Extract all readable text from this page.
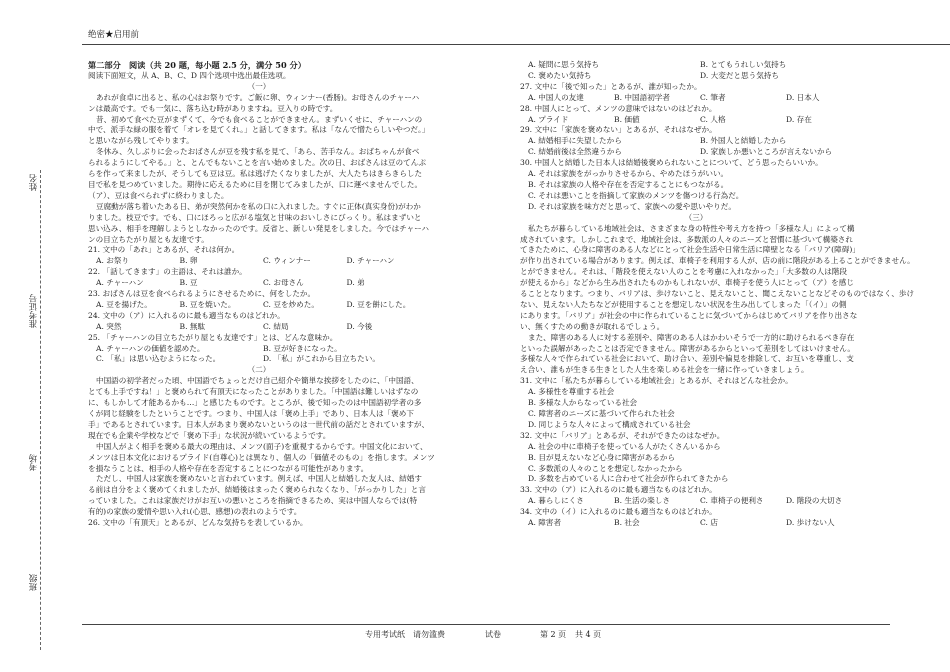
绝密★启用前
姓名
准考证号
考场
班级
第二部分　阅读（共 20 题，每小题 2.5 分，满分 50 分）
阅读下面短文，从 A、B、C、D 四个选项中选出最佳选项。
（一）
あれが食卓に出ると、私の心はお祭りです。ご飯に卵、ウィンナー(香肠)。お母さんのチャーハ
ンは最高です。でも一気に、落ち込む時がありますね。豆入りの時です。
昔、初めて食べた豆がまずくて、今でも食べることができません。まずいくせに、チャーハンの
中で、派手な緑の服を着て「オレを見てくれ。」と話してきます。私は「なんで憎たらしいやつだ。」
と思いながら残してやります。
冬休み、久しぶりに会ったおばさんが豆を残す私を見て、「あら、苦手なん。おばちゃんが食べ
られるようにしてやる。」と、とんでもないことを言い始めました。次の日、おばさんは豆のてんぷ
らを作って来ましたが、そうしても豆は豆。私は逃げたくなりましたが、大人たちはきらきらした
目で私を見つめていました。期待に応えるために目を閉じてみましたが、口に運べませんでした。
（ア）、豆は食べられずに終わりました。
豆腐動が落ち着いたある日、弟が突然何かを私の口に入れました。すぐに正体(真实身份)がわか
りました。枝豆です。でも、口にほろっと広がる塩気と甘味のおいしさにびっくり。私はまずいと
思い込み、相手を理解しようとしなかったのです。反省と、新しい発見をしました。今ではチャーハ
ンの目立ちたがり屋とも友達です。
21. 文中の「あれ」とあるが、それは何か。
A. お祭り	B. 卵	C. ウィンナー	D. チャーハン
22. 「話してきます」の主語は、それは誰か。
A. チャーハン	B. 豆	C. お母さん	D. 弟
23. おばさんは豆を食べられるようにさせるために、何をしたか。
A. 豆を揚げた。	B. 豆を焼いた。	C. 豆を炒めた。	D. 豆を餅にした。
24. 文中の（ア）に入れるのに最も適当なものはどれか。
A. 突然	B. 無駄	C. 結局	D. 今後
25. 「チャーハンの目立ちたがり屋とも友達です」とは、どんな意味か。
A. チャーハンの価値を認めた。	B. 豆が好きになった。
C. 「私」は思い込むようになった。	D. 「私」がこれから目立ちたい。
（二）
中国語の初学者だった頃、中国語でちょっとだけ自己紹介や簡単な挨拶をしたのに、「中国語、
とても上手ですね！」と褒められて有頂天になったことがありました。「中国語は難しいはずなの
に、もしかして才能あるかも…」と感じたものです。ところが、後で知ったのは中国語初学者の多
くが同じ経験をしたということです。つまり、中国人は「褒め上手」であり、日本人は「褒め下
手」であるとされています。日本人があまり褒めないというのは一世代前の話だとされていますが、
現在でも企業や学校などで「褒め下手」な状況が続いているようです。
中国人がよく相手を褒める最大の理由は、メンツ(面子)を重視するからです。中国文化において、
メンツは日本文化におけるプライド(自尊心)とは異なり、個人の「価値そのもの」を指します。メンツ
を損なうことは、相手の人格や存在を否定することにつながる可能性があります。
ただし、中国人は家族を褒めないと言われています。例えば、中国人と結婚した友人は、結婚す
る前は自分をよく褒めてくれましたが、結婚後はまったく褒められなくなり、「がっかりした」と言
っていました。これは家族だけがお互いの悪いところを指摘できるため、実は中国人ならでは(特
有的)の家族の愛情や思い入れ(心思、感想)の表れのようです。
26. 文中の「有頂天」とあるが、どんな気持ちを表しているか。
A. 疑問に思う気持ち	B. とてもうれしい気持ち
C. 褒めたい気持ち	D. 大変だと思う気持ち
27. 文中に「後で知った」とあるが、誰が知ったか。
A. 中国人の友達	B. 中国語初学者	C. 筆者	D. 日本人
28. 中国人にとって、メンツの意味ではないのはどれか。
A. プライド	B. 価値	C. 人格	D. 存在
29. 文中に「家族を褒めない」とあるが、それはなぜか。
A. 結婚相手に失望したから	B. 外国人と結婚したから
C. 結婚前後は全然違うから	D. 家族しか悪いところが言えないから
30. 中国人と結婚した日本人は結婚後褒められないことについて、どう思ったらいいか。
A. それは家族をがっかりさせるから、やめたほうがいい。
B. それは家族の人格や存在を否定することにもつながる。
C. それは悪いことを指摘して家族のメンツを傷つける行為だ。
D. それは家族を味方だと思って、家族への愛や思いやりだ。
（三）
私たちが暮らしている地域社会は、さまざまな身の特性や考え方を持つ「多様な人」によって構
成されています。しかしこれまで、地域社会は、多数派の人々のニーズと習慣に基づいて構築され
てきたために、心身に障害のある人などにとって社会生活や日常生活に障壁となる「バリア(障碍)」
が作り出されている場合があります。例えば、車椅子を利用する人が、店の前に階段がある上ることができません。
とができません。それは、「階段を使えない人のことを考慮に入れなかった」「大多数の人は階段
が使えるから」などから生み出されたものかもしれないが、車椅子を使う人にとって（ア）を感じ
ることとなります。つまり、バリアは、歩けないこと、見えないこと、聞こえないことなどそのものではなく、歩け
ない、見えない人たちなどが使用することを想定しない状況を生み出してしまった「（イ）」の側
にあります。「バリア」が社会の中に作られていることに気づいてからはじめてバリアを作り出さな
い、無くすための動きが取れるでしょう。
また、障害のある人に対する差別や、障害のある人はかわいそうで一方的に助けられるべき存在
といった誤解があったことは否定できません。障害があるからといって差別をしてはいけません。
多様な人々で作られている社会において、助け合い、差別や偏見を排除して、お互いを尊重し、支
え合い、誰もが生きる生きとした人生を楽しめる社会を一緒に作っていきましょう。
31. 文中に「私たちが暮らしている地域社会」とあるが、それはどんな社会か。
A. 多様性を尊重する社会
B. 多様な人からなっている社会
C. 障害者のニーズに基づいて作られた社会
D. 同じような人々によって構成されている社会
32. 文中に「バリア」とあるが、それができたのはなぜか。
A. 社会の中に車椅子を使っている人がたくさんいるから
B. 目が見えないなど心身に障害があるから
C. 多数派の人々のことを想定しなかったから
D. 多数を占めている人に合わせて社会が作られてきたから
33. 文中の（ア）に入れるのに最も適当なものはどれか。
A. 暮らしにくさ	B. 生活の楽しさ	C. 車椅子の便利さ	D. 階段の大切さ
34. 文中の（イ）に入れるのに最も適当なものはどれか。
A. 障害者	B. 社会	C. 店	D. 歩けない人
专用考试纸　请勿滥费	试卷	第 2 页 共 4 页
